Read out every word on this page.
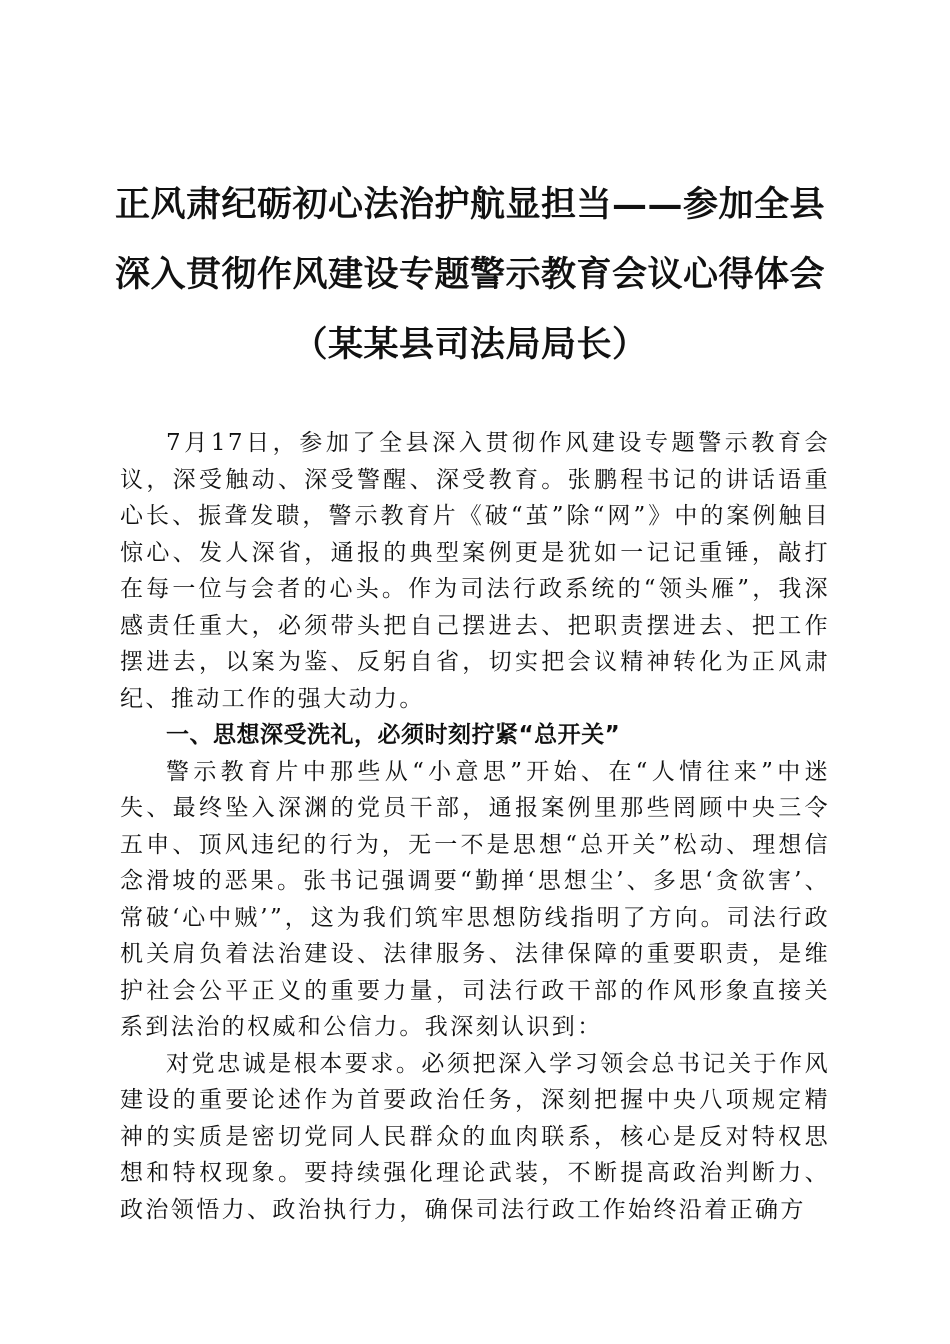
正风肃纪砺初心法治护航显担当——参加全县
深入贯彻作风建设专题警示教育会议心得体会
（某某县司法局局长）

7月17日，参加了全县深入贯彻作风建设专题警示教育会议，深受触动、深受警醒、深受教育。张鹏程书记的讲话语重心长、振聋发聩，警示教育片《破“茧”除“网”》中的案例触目惊心、发人深省，通报的典型案例更是犹如一记记重锤，敲打在每一位与会者的心头。作为司法行政系统的“领头雁”，我深感责任重大，必须带头把自己摆进去、把职责摆进去、把工作摆进去，以案为鉴、反躬自省，切实把会议精神转化为正风肃纪、推动工作的强大动力。

一、思想深受洗礼，必须时刻拧紧“总开关”

警示教育片中那些从“小意思”开始、在“人情往来”中迷失、最终坠入深渊的党员干部，通报案例里那些罔顾中央三令五申、顶风违纪的行为，无一不是思想“总开关”松动、理想信念滑坡的恶果。张书记强调要“勤掸‘思想尘’、多思‘贪欲害’、常破‘心中贼’”，这为我们筑牢思想防线指明了方向。司法行政机关肩负着法治建设、法律服务、法律保障的重要职责，是维护社会公平正义的重要力量，司法行政干部的作风形象直接关系到法治的权威和公信力。我深刻认识到：

对党忠诚是根本要求。必须把深入学习领会总书记关于作风建设的重要论述作为首要政治任务，深刻把握中央八项规定精神的实质是密切党同人民群众的血肉联系，核心是反对特权思想和特权现象。要持续强化理论武装，不断提高政治判断力、政治领悟力、政治执行力，确保司法行政工作始终沿着正确方
